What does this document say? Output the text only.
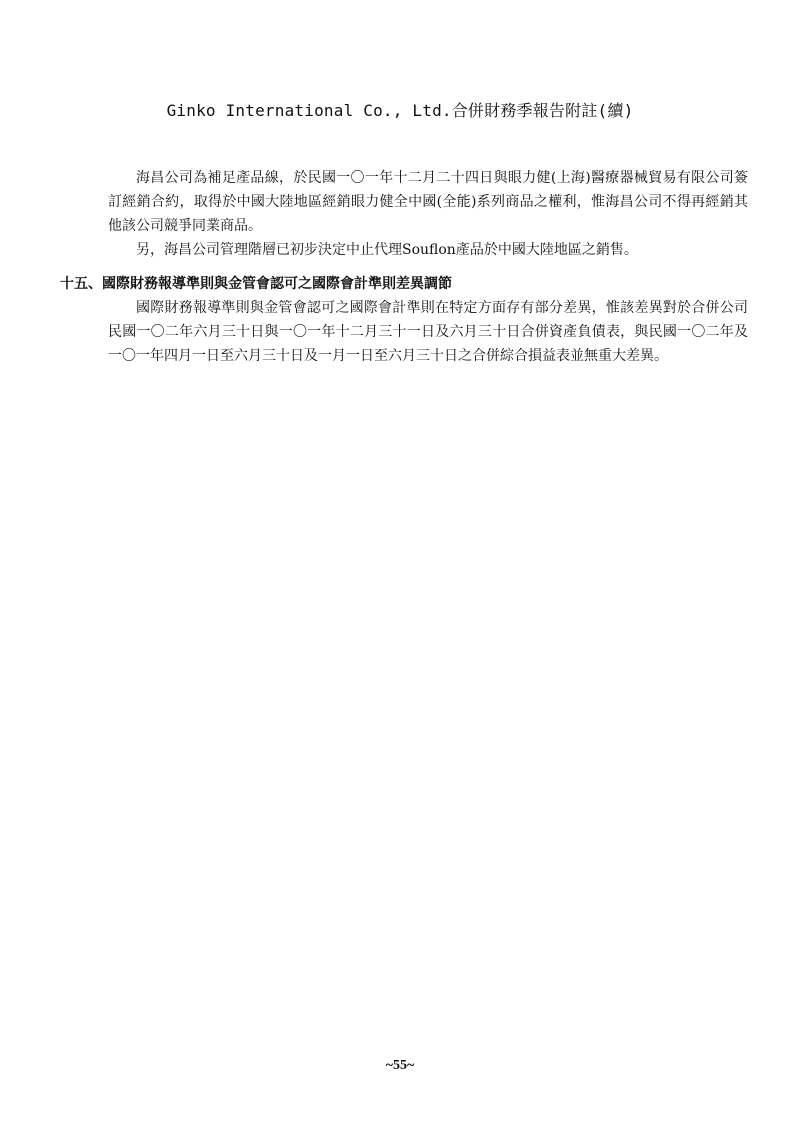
Ginko International Co., Ltd.合併財務季報告附註(續)

海昌公司為補足產品線，於民國一〇一年十二月二十四日與眼力健(上海)醫療器械貿易有限公司簽訂經銷合約，取得於中國大陸地區經銷眼力健全中國(全能)系列商品之權利，惟海昌公司不得再經銷其他該公司競爭同業商品。

另，海昌公司管理階層已初步決定中止代理Souflon產品於中國大陸地區之銷售。

十五、國際財務報導準則與金管會認可之國際會計準則差異調節

國際財務報導準則與金管會認可之國際會計準則在特定方面存有部分差異，惟該差異對於合併公司民國一〇二年六月三十日與一〇一年十二月三十一日及六月三十日合併資產負債表，與民國一〇二年及一〇一年四月一日至六月三十日及一月一日至六月三十日之合併綜合損益表並無重大差異。

~55~
